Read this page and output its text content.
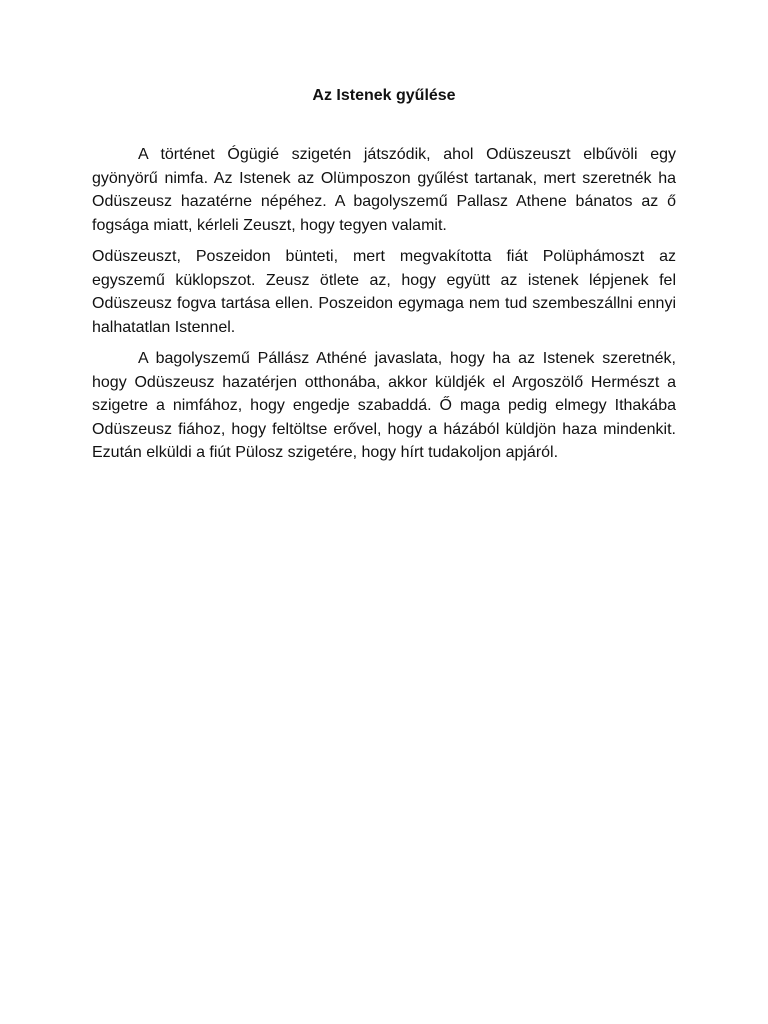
Az Istenek gyűlése

A történet Ógügié szigetén játszódik, ahol Odüszeuszt elbűvöli egy gyönyörű nimfa. Az Istenek az Olümposzon gyűlést tartanak, mert szeretnék ha Odüszeusz hazatérne népéhez. A bagolyszemű Pallasz Athene bánatos az ő fogsága miatt, kérleli Zeuszt, hogy tegyen valamit.

Odüszeuszt, Poszeidon bünteti, mert megvakította fiát Polüphámoszt az egyszemű küklopszot. Zeusz ötlete az, hogy együtt az istenek lépjenek fel Odüszeusz fogva tartása ellen. Poszeidon egymaga nem tud szembeszállni ennyi halhatatlan Istennel.

A bagolyszemű Pállász Athéné javaslata, hogy ha az Istenek szeretnék, hogy Odüszeusz hazatérjen otthonába, akkor küldjék el Argoszölő Hermészt a szigetre a nimfához, hogy engedje szabaddá. Ő maga pedig elmegy Ithakába Odüszeusz fiához, hogy feltöltse erővel, hogy a házából küldjön haza mindenkit. Ezután elküldi a fiút Pülosz szigetére, hogy hírt tudakoljon apjáról.
